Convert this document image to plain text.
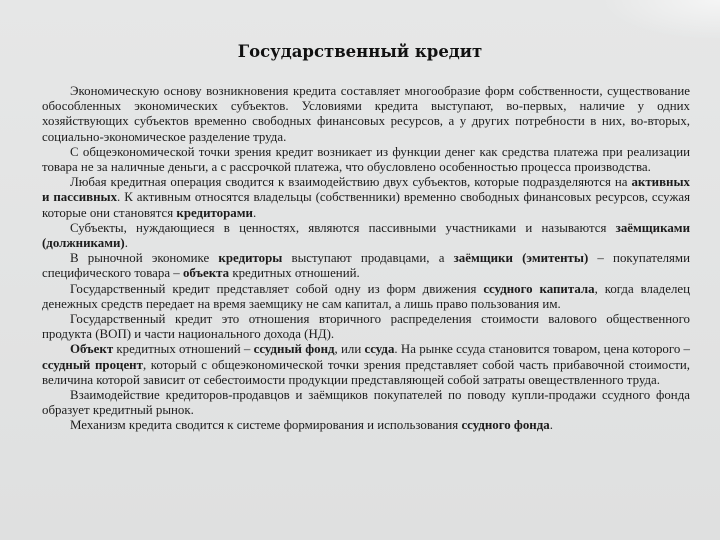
Государственный кредит

Экономическую основу возникновения кредита составляет многообразие форм собственности, существование обособленных экономических субъектов. Условиями кредита выступают, во-первых, наличие у одних хозяйствующих субъектов временно свободных финансовых ресурсов, а у других потребности в них, во-вторых, социально-экономическое разделение труда.

С общеэкономической точки зрения кредит возникает из функции денег как средства платежа при реализации товара не за наличные деньги, а с рассрочкой платежа, что обусловлено особенностью процесса производства.

Любая кредитная операция сводится к взаимодействию двух субъектов, которые подразделяются на активных и пассивных. К активным относятся владельцы (собственники) временно свободных финансовых ресурсов, ссужая которые они становятся кредиторами.

Субъекты, нуждающиеся в ценностях, являются пассивными участниками и называются заёмщиками (должниками).

В рыночной экономике кредиторы выступают продавцами, а заёмщики (эмитенты) – покупателями специфического товара – объекта кредитных отношений.

Государственный кредит представляет собой одну из форм движения ссудного капитала, когда владелец денежных средств передает на время заемщику не сам капитал, а лишь право пользования им.

Государственный кредит это отношения вторичного распределения стоимости валового общественного продукта (ВОП) и части национального дохода (НД).

Объект кредитных отношений – ссудный фонд, или ссуда. На рынке ссуда становится товаром, цена которого – ссудный процент, который с общеэкономической точки зрения представляет собой часть прибавочной стоимости, величина которой зависит от себестоимости продукции представляющей собой затраты овеществленного труда.

Взаимодействие кредиторов-продавцов и заёмщиков покупателей по поводу купли-продажи ссудного фонда образует кредитный рынок.

Механизм кредита сводится к системе формирования и использования ссудного фонда.
